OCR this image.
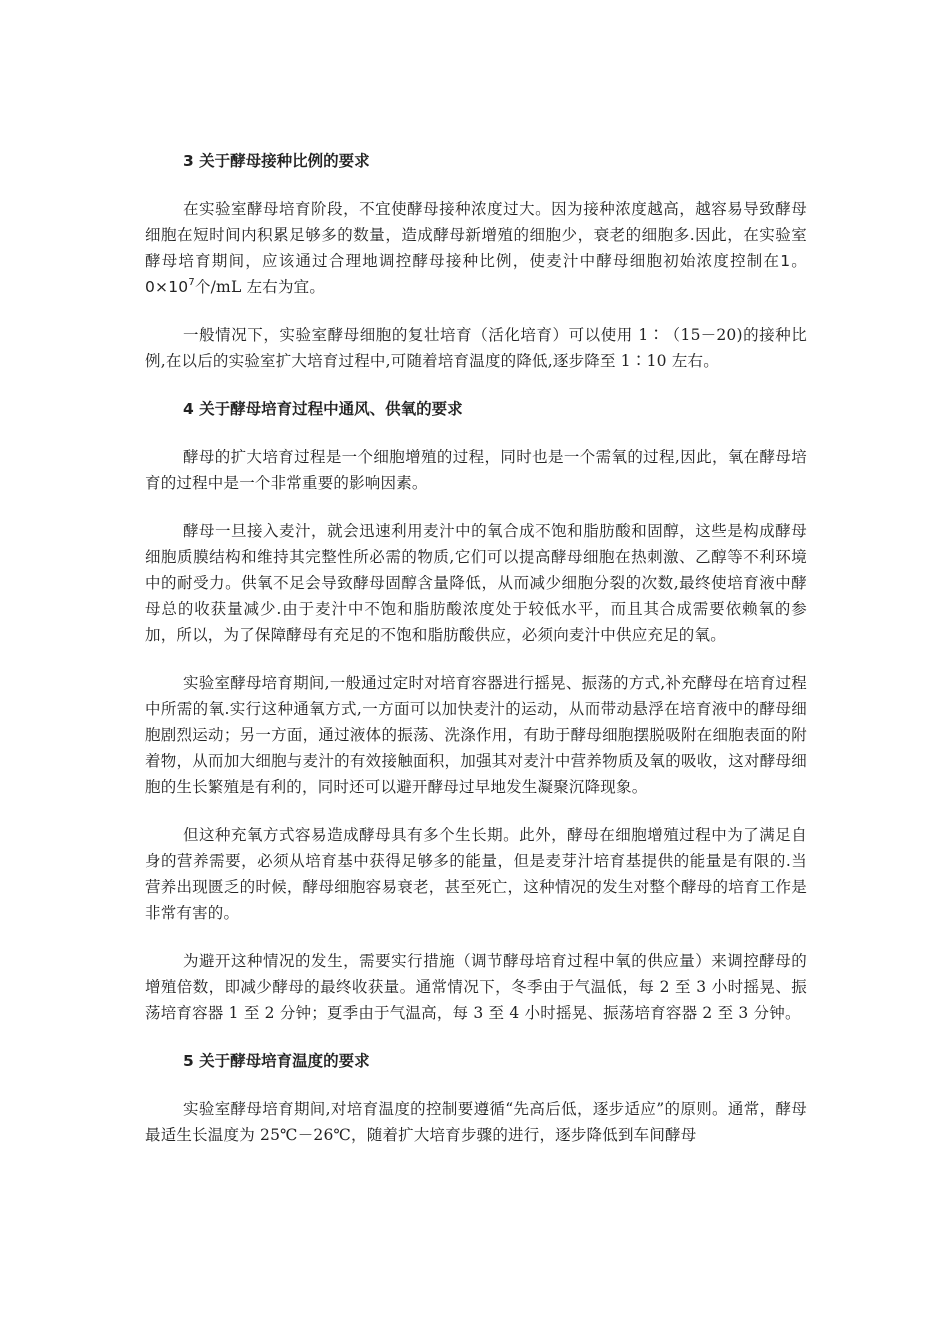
3 关于酵母接种比例的要求

在实验室酵母培育阶段，不宜使酵母接种浓度过大。因为接种浓度越高，越容易导致酵母细胞在短时间内积累足够多的数量，造成酵母新增殖的细胞少，衰老的细胞多.因此，在实验室酵母培育期间，应该通过合理地调控酵母接种比例，使麦汁中酵母细胞初始浓度控制在1。$0\times 10^7$个/mL 左右为宜。

一般情况下，实验室酵母细胞的复壮培育（活化培育）可以使用 1∶（15－20)的接种比例,在以后的实验室扩大培育过程中,可随着培育温度的降低,逐步降至 1∶10 左右。

4 关于酵母培育过程中通风、供氧的要求

酵母的扩大培育过程是一个细胞增殖的过程，同时也是一个需氧的过程,因此，氧在酵母培育的过程中是一个非常重要的影响因素。

酵母一旦接入麦汁，就会迅速利用麦汁中的氧合成不饱和脂肪酸和固醇，这些是构成酵母细胞质膜结构和维持其完整性所必需的物质,它们可以提高酵母细胞在热刺激、乙醇等不利环境中的耐受力。供氧不足会导致酵母固醇含量降低，从而减少细胞分裂的次数,最终使培育液中酵母总的收获量减少.由于麦汁中不饱和脂肪酸浓度处于较低水平，而且其合成需要依赖氧的参加，所以，为了保障酵母有充足的不饱和脂肪酸供应，必须向麦汁中供应充足的氧。

实验室酵母培育期间,一般通过定时对培育容器进行摇晃、振荡的方式,补充酵母在培育过程中所需的氧.实行这种通氧方式,一方面可以加快麦汁的运动，从而带动悬浮在培育液中的酵母细胞剧烈运动；另一方面，通过液体的振荡、洗涤作用，有助于酵母细胞摆脱吸附在细胞表面的附着物，从而加大细胞与麦汁的有效接触面积，加强其对麦汁中营养物质及氧的吸收，这对酵母细胞的生长繁殖是有利的，同时还可以避开酵母过早地发生凝聚沉降现象。

但这种充氧方式容易造成酵母具有多个生长期。此外，酵母在细胞增殖过程中为了满足自身的营养需要，必须从培育基中获得足够多的能量，但是麦芽汁培育基提供的能量是有限的.当营养出现匮乏的时候，酵母细胞容易衰老，甚至死亡，这种情况的发生对整个酵母的培育工作是非常有害的。

为避开这种情况的发生，需要实行措施（调节酵母培育过程中氧的供应量）来调控酵母的增殖倍数，即减少酵母的最终收获量。通常情况下，冬季由于气温低，每 2 至 3 小时摇晃、振荡培育容器 1 至 2 分钟；夏季由于气温高，每 3 至 4 小时摇晃、振荡培育容器 2 至 3 分钟。

5 关于酵母培育温度的要求

实验室酵母培育期间,对培育温度的控制要遵循“先高后低，逐步适应”的原则。通常，酵母最适生长温度为 25℃－26℃，随着扩大培育步骤的进行，逐步降低到车间酵母
